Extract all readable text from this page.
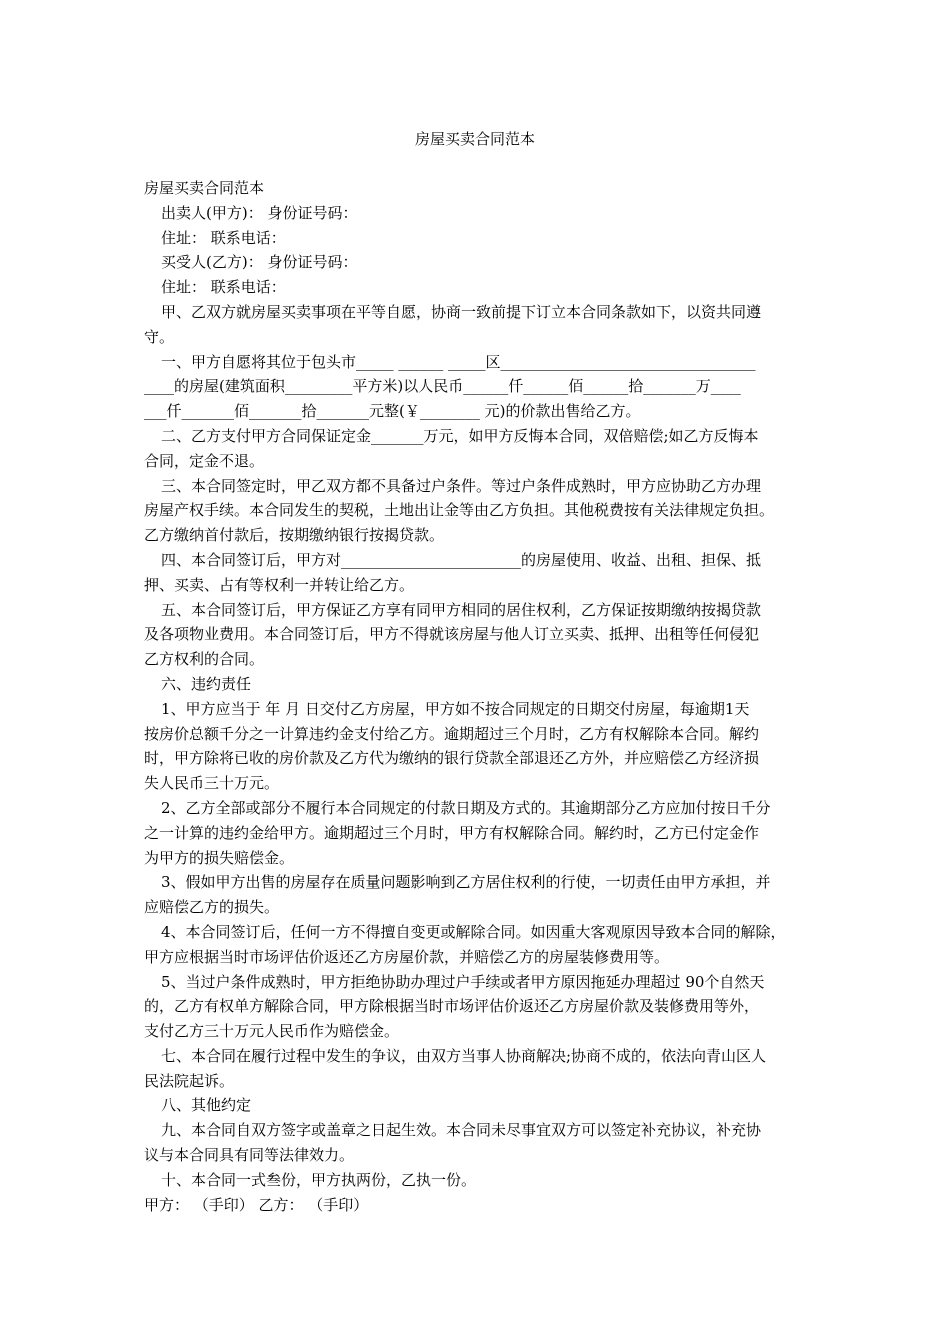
房屋买卖合同范本
房屋买卖合同范本
出卖人(甲方)： 身份证号码：
住址： 联系电话：
买受人(乙方)： 身份证号码：
住址： 联系电话：
甲、乙双方就房屋买卖事项在平等自愿，协商一致前提下订立本合同条款如下，以资共同遵
守。
一、甲方自愿将其位于包头市_____ ______ _____区__________________________________
____的房屋(建筑面积_________平方米)以人民币______仟______佰______拾_______万____
___仟_______佰_______拾_______元整(￥________ 元)的价款出售给乙方。
二、乙方支付甲方合同保证定金_______万元，如甲方反悔本合同，双倍赔偿;如乙方反悔本
合同，定金不退。
三、本合同签定时，甲乙双方都不具备过户条件。等过户条件成熟时，甲方应协助乙方办理
房屋产权手续。本合同发生的契税，土地出让金等由乙方负担。其他税费按有关法律规定负担。
乙方缴纳首付款后，按期缴纳银行按揭贷款。
四、本合同签订后，甲方对________________________的房屋使用、收益、出租、担保、抵
押、买卖、占有等权利一并转让给乙方。
五、本合同签订后，甲方保证乙方享有同甲方相同的居住权利，乙方保证按期缴纳按揭贷款
及各项物业费用。本合同签订后，甲方不得就该房屋与他人订立买卖、抵押、出租等任何侵犯
乙方权利的合同。
六、违约责任
1、甲方应当于 年 月 日交付乙方房屋，甲方如不按合同规定的日期交付房屋，每逾期1天
按房价总额千分之一计算违约金支付给乙方。逾期超过三个月时，乙方有权解除本合同。解约
时，甲方除将已收的房价款及乙方代为缴纳的银行贷款全部退还乙方外，并应赔偿乙方经济损
失人民币三十万元。
2、乙方全部或部分不履行本合同规定的付款日期及方式的。其逾期部分乙方应加付按日千分
之一计算的违约金给甲方。逾期超过三个月时，甲方有权解除合同。解约时，乙方已付定金作
为甲方的损失赔偿金。
3、假如甲方出售的房屋存在质量问题影响到乙方居住权利的行使，一切责任由甲方承担，并
应赔偿乙方的损失。
4、本合同签订后，任何一方不得擅自变更或解除合同。如因重大客观原因导致本合同的解除，
甲方应根据当时市场评估价返还乙方房屋价款，并赔偿乙方的房屋装修费用等。
5、当过户条件成熟时，甲方拒绝协助办理过户手续或者甲方原因拖延办理超过 90个自然天
的，乙方有权单方解除合同，甲方除根据当时市场评估价返还乙方房屋价款及装修费用等外，
支付乙方三十万元人民币作为赔偿金。
七、本合同在履行过程中发生的争议，由双方当事人协商解决;协商不成的，依法向青山区人
民法院起诉。
八、其他约定
九、本合同自双方签字或盖章之日起生效。本合同未尽事宜双方可以签定补充协议，补充协
议与本合同具有同等法律效力。
十、本合同一式叁份，甲方执两份，乙执一份。
甲方： （手印） 乙方： （手印）
